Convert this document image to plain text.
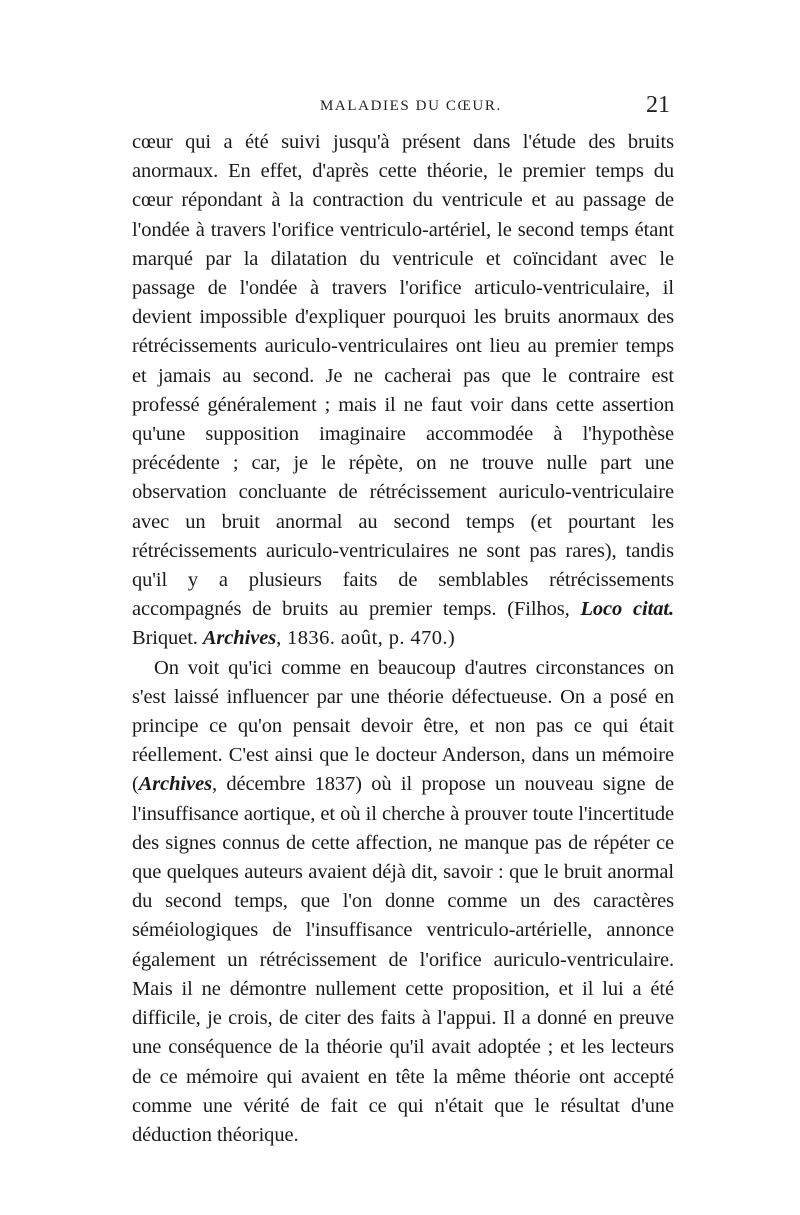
MALADIES DU CŒUR.	21

cœur qui a été suivi jusqu'à présent dans l'étude des bruits anormaux. En effet, d'après cette théorie, le premier temps du cœur répondant à la contraction du ventricule et au passage de l'ondée à travers l'orifice ventriculo-artériel, le second temps étant marqué par la dilatation du ventricule et coïncidant avec le passage de l'ondée à travers l'orifice articulo-ventriculaire, il devient impossible d'expliquer pourquoi les bruits anormaux des rétrécissements auriculo-ventriculaires ont lieu au premier temps et jamais au second. Je ne cacherai pas que le contraire est professé généralement ; mais il ne faut voir dans cette assertion qu'une supposition imaginaire accommodée à l'hypothèse précédente ; car, je le répète, on ne trouve nulle part une observation concluante de rétrécissement auriculo-ventriculaire avec un bruit anormal au second temps (et pourtant les rétrécissements auriculo-ventriculaires ne sont pas rares), tandis qu'il y a plusieurs faits de semblables rétrécissements accompagnés de bruits au premier temps. (Filhos, Loco citat. Briquet. Archives, 1836. août, p. 470.)

On voit qu'ici comme en beaucoup d'autres circonstances on s'est laissé influencer par une théorie défectueuse. On a posé en principe ce qu'on pensait devoir être, et non pas ce qui était réellement. C'est ainsi que le docteur Anderson, dans un mémoire (Archives, décembre 1837) où il propose un nouveau signe de l'insuffisance aortique, et où il cherche à prouver toute l'incertitude des signes connus de cette affection, ne manque pas de répéter ce que quelques auteurs avaient déjà dit, savoir : que le bruit anormal du second temps, que l'on donne comme un des caractères séméiologiques de l'insuffisance ventriculo-artérielle, annonce également un rétrécissement de l'orifice auriculo-ventriculaire. Mais il ne démontre nullement cette proposition, et il lui a été difficile, je crois, de citer des faits à l'appui. Il a donné en preuve une conséquence de la théorie qu'il avait adoptée ; et les lecteurs de ce mémoire qui avaient en tête la même théorie ont accepté comme une vérité de fait ce qui n'était que le résultat d'une déduction théorique.
